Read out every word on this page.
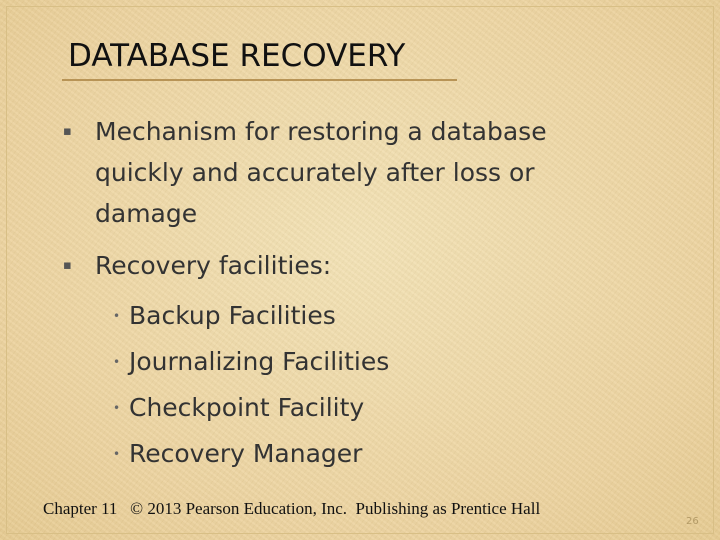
DATABASE RECOVERY
▪ Mechanism for restoring a database
quickly and accurately after loss or
damage
▪ Recovery facilities:
• Backup Facilities
• Journalizing Facilities
• Checkpoint Facility
• Recovery Manager
Chapter 11   © 2013 Pearson Education, Inc.  Publishing as Prentice Hall
26
